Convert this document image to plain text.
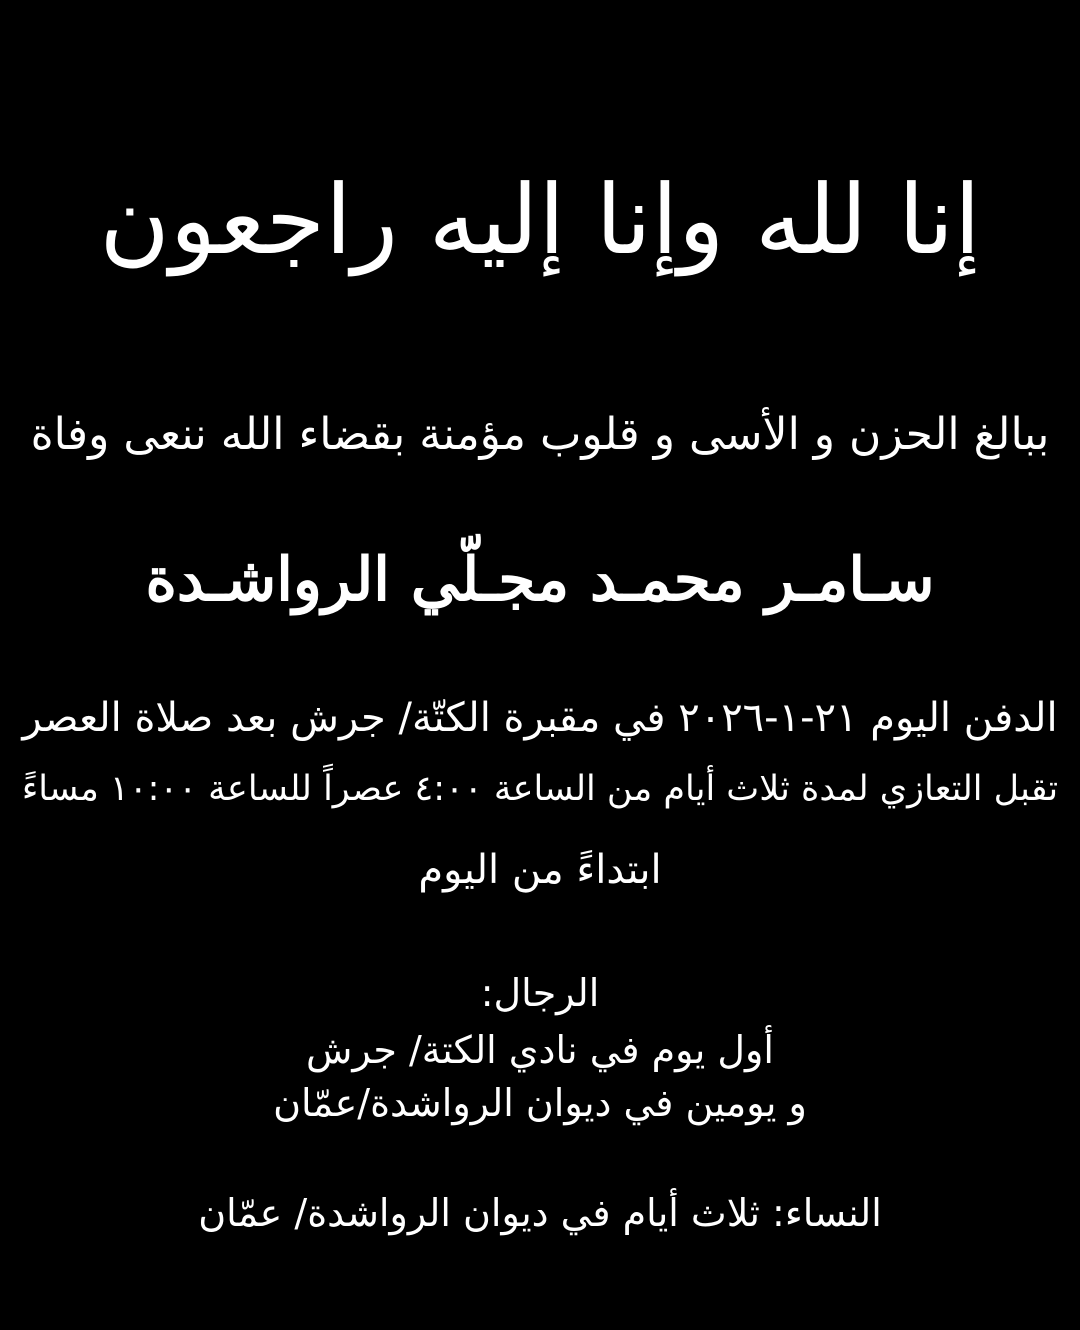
إنا لله وإنا إليه راجعون
ببالغ الحزن و الأسى و قلوب مؤمنة بقضاء الله ننعى وفاة
سـامـر محمـد مجـلّي الرواشـدة
الدفن اليوم ٢١-١-٢٠٢٦ في مقبرة الكتّة/ جرش بعد صلاة العصر
تقبل التعازي لمدة ثلاث أيام من الساعة ٤:٠٠ عصراً للساعة ١٠:٠٠ مساءً
ابتداءً من اليوم
الرجال:
أول يوم في نادي الكتة/ جرش
و يومين في ديوان الرواشدة/عمّان
النساء: ثلاث أيام في ديوان الرواشدة/ عمّان
